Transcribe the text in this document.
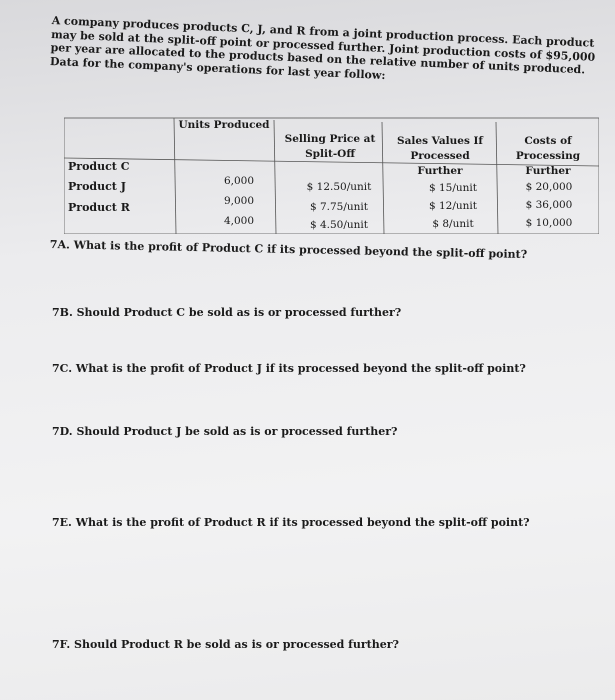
A company produces products C, J, and R from a joint production process. Each product may be sold at the split-off point or processed further. Joint production costs of $95,000 per year are allocated to the products based on the relative number of units produced. Data for the company's operations for last year follow:
Units Produced
Selling Price at Split-Off
Sales Values If Processed Further
Costs of Processing Further
Product C
Product J
Product R
6,000
9,000
4,000
$ 12.50/unit
$ 7.75/unit
$ 4.50/unit
$ 15/unit
$ 12/unit
$ 8/unit
$ 20,000
$ 36,000
$ 10,000
7A. What is the profit of Product C if its processed beyond the split-off point?
7B. Should Product C be sold as is or processed further?
7C. What is the profit of Product J if its processed beyond the split-off point?
7D. Should Product J be sold as is or processed further?
7E. What is the profit of Product R if its processed beyond the split-off point?
7F. Should Product R be sold as is or processed further?
